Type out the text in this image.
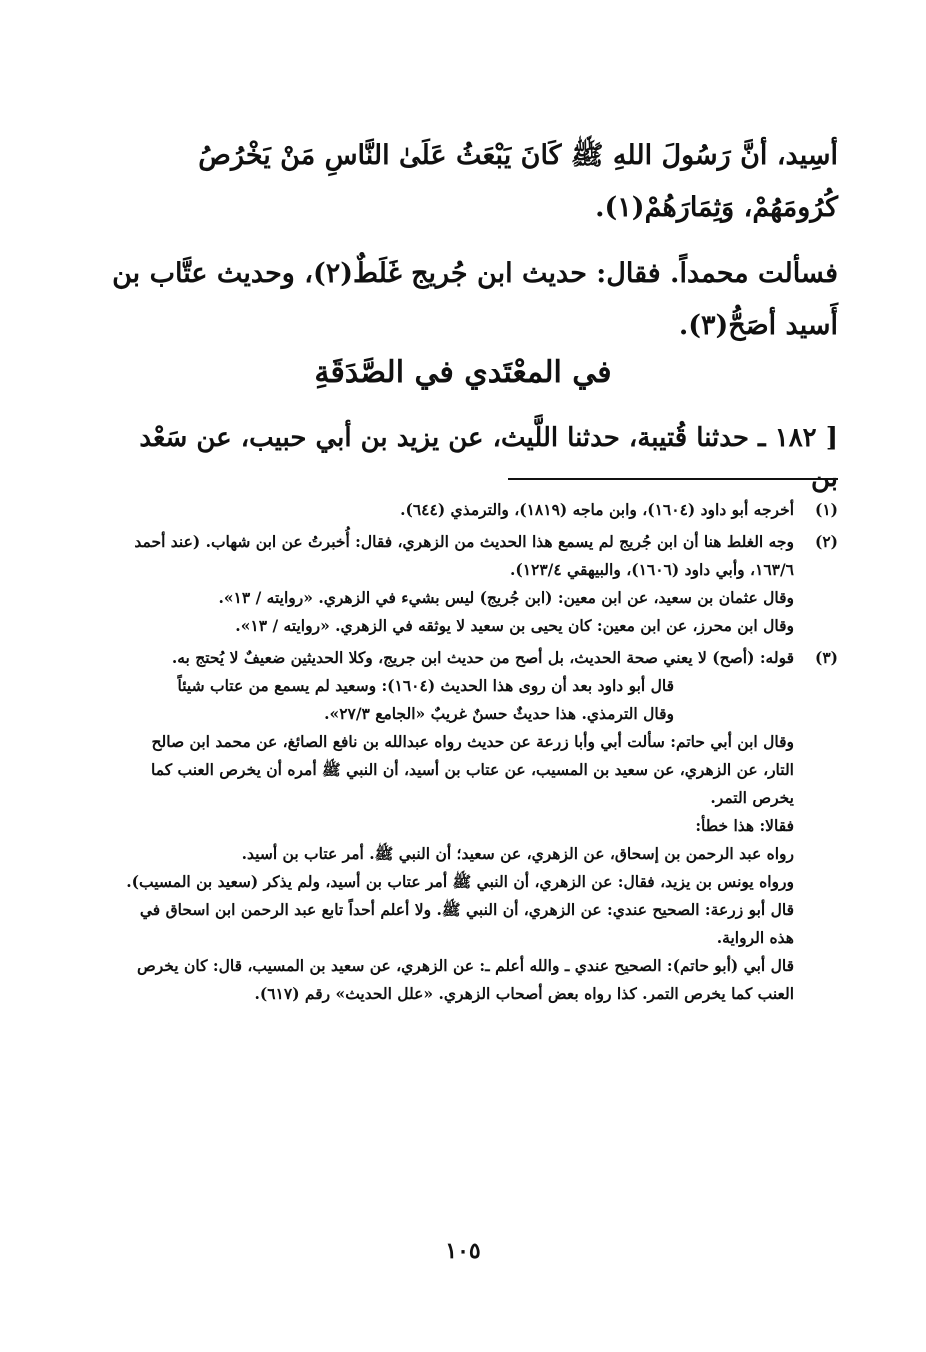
أسِيد، أنَّ رَسُولَ اللهِ ﷺ كَانَ يَبْعَثُ عَلَىٰ النَّاسِ مَنْ يَخْرُصُ كُرُومَهُمْ، وَثِمَارَهُمْ(١).

فسألت محمداً. فقال: حديث ابن جُريج غَلَطٌ(٢)، وحديث عتَّاب بن أَسيد أصَحُّ(٣).

في المعْتَدي في الصَّدَقَةِ
[ ١٨٢ ـ حدثنا قُتيبة، حدثنا اللَّيث، عن يزيد بن أبي حبيب، عن سَعْد بن
(١)

أخرجه أبو داود (١٦٠٤)، وابن ماجه (١٨١٩)، والترمذي (٦٤٤).

(٢)

وجه الغلط هنا أن ابن جُريج لم يسمع هذا الحديث من الزهري، فقال: أُخبرتُ عن ابن شهاب. (عند أحمد ١٦٣/٦، وأبي داود (١٦٠٦)، والبيهقي ١٢٣/٤).

وقال عثمان بن سعيد، عن ابن معين: (ابن جُريج) ليس بشيء في الزهري. «روايته / ١٣».

وقال ابن محرز، عن ابن معين: كان يحيى بن سعيد لا يوثقه في الزهري. «روايته / ١٣».

(٣)

قوله: (أصح) لا يعني صحة الحديث، بل أصح من حديث ابن جريج، وكلا الحديثين ضعيفٌ لا يُحتج به.

قال أبو داود بعد أن روى هذا الحديث (١٦٠٤): وسعيد لم يسمع من عتاب شيئاً

وقال الترمذي. هذا حديثٌ حسنٌ غريبٌ «الجامع ٢٧/٣».

وقال ابن أبي حاتم: سألت أبي وأبا زرعة عن حديث رواه عبدالله بن نافع الصائغ، عن محمد ابن صالح التار، عن الزهري، عن سعيد بن المسيب، عن عتاب بن أسيد، أن النبي ﷺ أمره أن يخرص العنب كما يخرص التمر.

فقالا: هذا خطأ:

رواه عبد الرحمن بن إسحاق، عن الزهري، عن سعيد؛ أن النبي ﷺ. أمر عتاب بن أسيد.

ورواه يونس بن يزيد، فقال: عن الزهري، أن النبي ﷺ أمر عتاب بن أسيد، ولم يذكر (سعيد بن المسيب).

قال أبو زرعة: الصحيح عندي: عن الزهري، أن النبي ﷺ. ولا أعلم أحداً تابع عبد الرحمن ابن اسحاق في هذه الرواية.

قال أبي (أبو حاتم): الصحيح عندي ـ والله أعلم ـ: عن الزهري، عن سعيد بن المسيب، قال: كان يخرص العنب كما يخرص التمر. كذا رواه بعض أصحاب الزهري. «علل الحديث» رقم (٦١٧).

١٠٥
